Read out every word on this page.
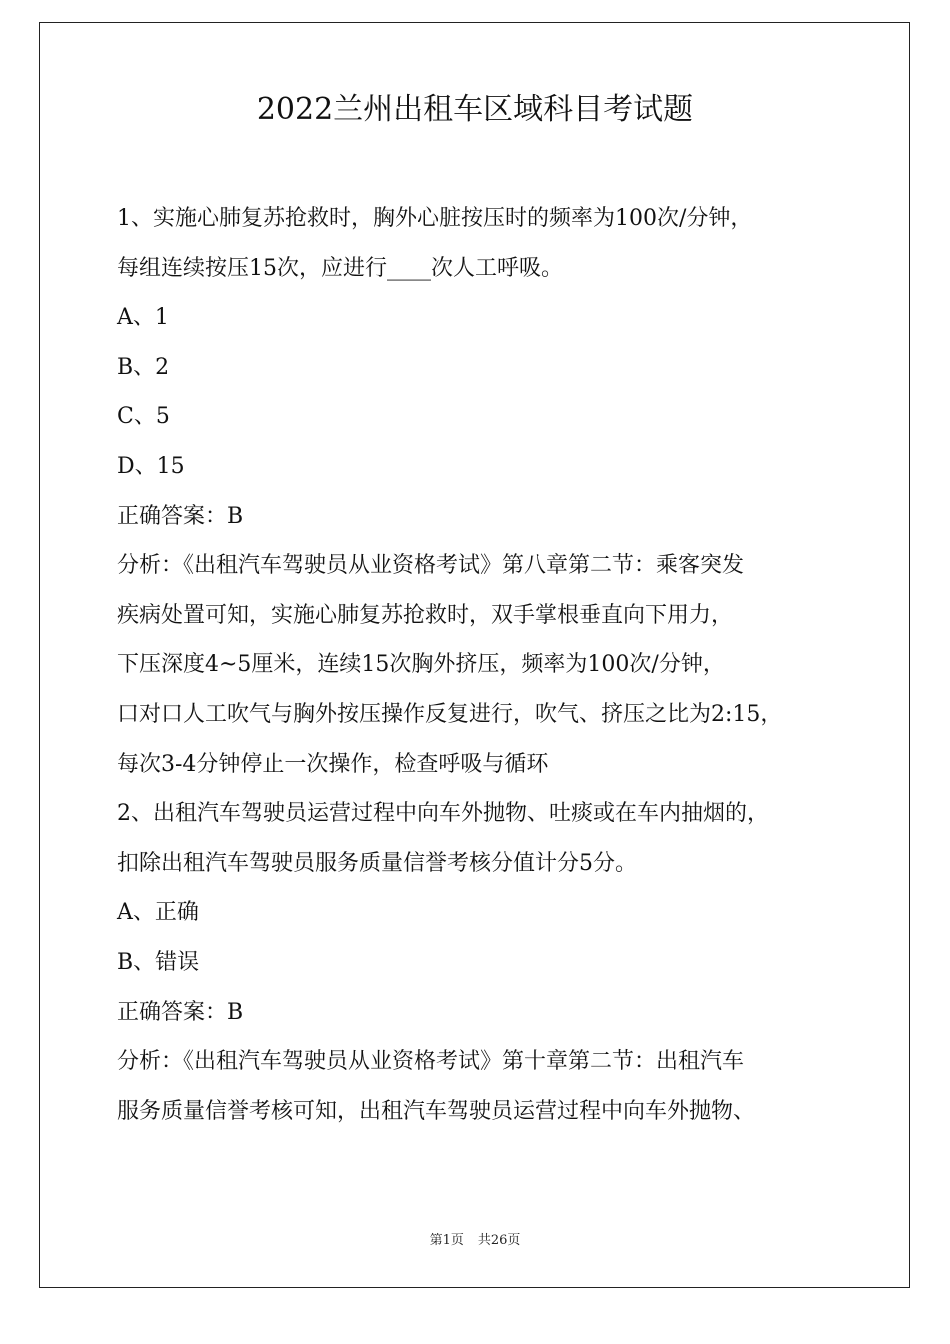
2022兰州出租车区域科目考试题
1、实施心肺复苏抢救时，胸外心脏按压时的频率为100次/分钟，
每组连续按压15次，应进行____次人工呼吸。
A、1
B、2
C、5
D、15
正确答案：B
分析：《出租汽车驾驶员从业资格考试》第八章第二节：乘客突发
疾病处置可知，实施心肺复苏抢救时，双手掌根垂直向下用力，
下压深度4~5厘米，连续15次胸外挤压，频率为100次/分钟，
口对口人工吹气与胸外按压操作反复进行，吹气、挤压之比为2:15，
每次3-4分钟停止一次操作，检查呼吸与循环
2、出租汽车驾驶员运营过程中向车外抛物、吐痰或在车内抽烟的，
扣除出租汽车驾驶员服务质量信誉考核分值计分5分。
A、正确
B、错误
正确答案：B
分析：《出租汽车驾驶员从业资格考试》第十章第二节：出租汽车
服务质量信誉考核可知，出租汽车驾驶员运营过程中向车外抛物、
第1页 共26页
